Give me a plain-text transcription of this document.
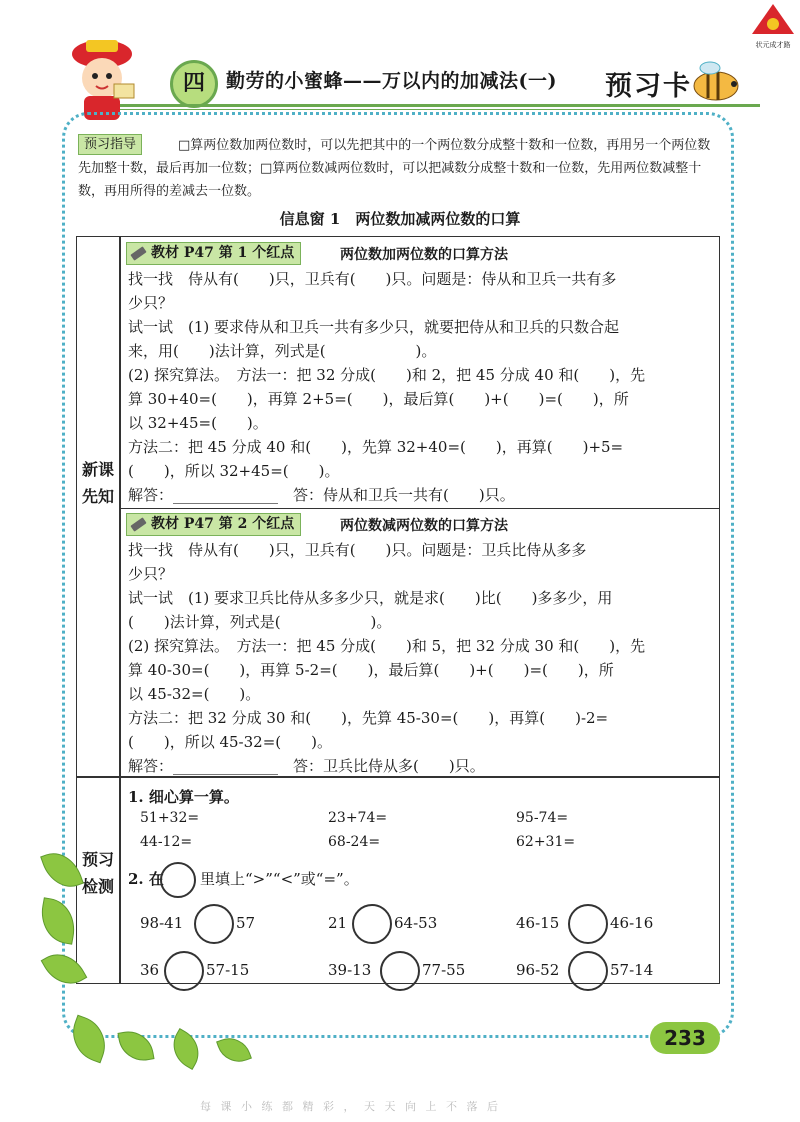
四	勤劳的小蜜蜂——万以内的加减法(一) 预习卡
状元成才路
□算两位数加两位数时，可以先把其中的一个两位数分成整十数和一位数，再用另一个两位数先加整十数，最后再加一位数；□算两位数减两位数时，可以把减数分成整十数和一位数，先用两位数减整十数，再用所得的差减去一位数。
预习指导
信息窗 1　两位数加减两位数的口算
新课先知
预习检测
教材 P47 第 1 个红点	两位数加两位数的口算方法
找一找　侍从有(　　)只，卫兵有(　　)只。问题是：侍从和卫兵一共有多
少只？
试一试　(1) 要求侍从和卫兵一共有多少只，就要把侍从和卫兵的只数合起
来，用(　　)法计算，列式是(　　　　　　)。
(2) 探究算法。　方法一：把 32 分成(　　)和 2，把 45 分成 40 和(　　)，先
算 30+40=(　　)，再算 2+5=(　　)，最后算(　　)+(　　)=(　　)，所
以 32+45=(　　)。
方法二：把 45 分成 40 和(　　)，先算 32+40=(　　)，再算(　　)+5=
(　　)，所以 32+45=(　　)。
解答：______________　答：侍从和卫兵一共有(　　)只。
教材 P47 第 2 个红点	两位数减两位数的口算方法
找一找　侍从有(　　)只，卫兵有(　　)只。问题是：卫兵比侍从多多
少只？
试一试　(1) 要求卫兵比侍从多多少只，就是求(　　)比(　　)多多少，用
(　　)法计算，列式是(　　　　　　)。
(2) 探究算法。　方法一：把 45 分成(　　)和 5，把 32 分成 30 和(　　)，先
算 40-30=(　　)，再算 5-2=(　　)，最后算(　　)+(　　)=(　　)，所
以 45-32=(　　)。
方法二：把 32 分成 30 和(　　)，先算 45-30=(　　)，再算(　　)-2=
(　　)，所以 45-32=(　　)。
解答：______________　答：卫兵比侍从多(　　)只。
1. 细心算一算。
51+32=	23+74=	95-74=
44-12=	68-24=	62+31=
2. 在 里填上“>”“<”或“=”。
98-41	57	21	64-53	46-15	46-16
36	57-15	39-13	77-55	96-52	57-14
233
每 课 小 练 都 精 彩 ， 天 天 向 上 不 落 后
